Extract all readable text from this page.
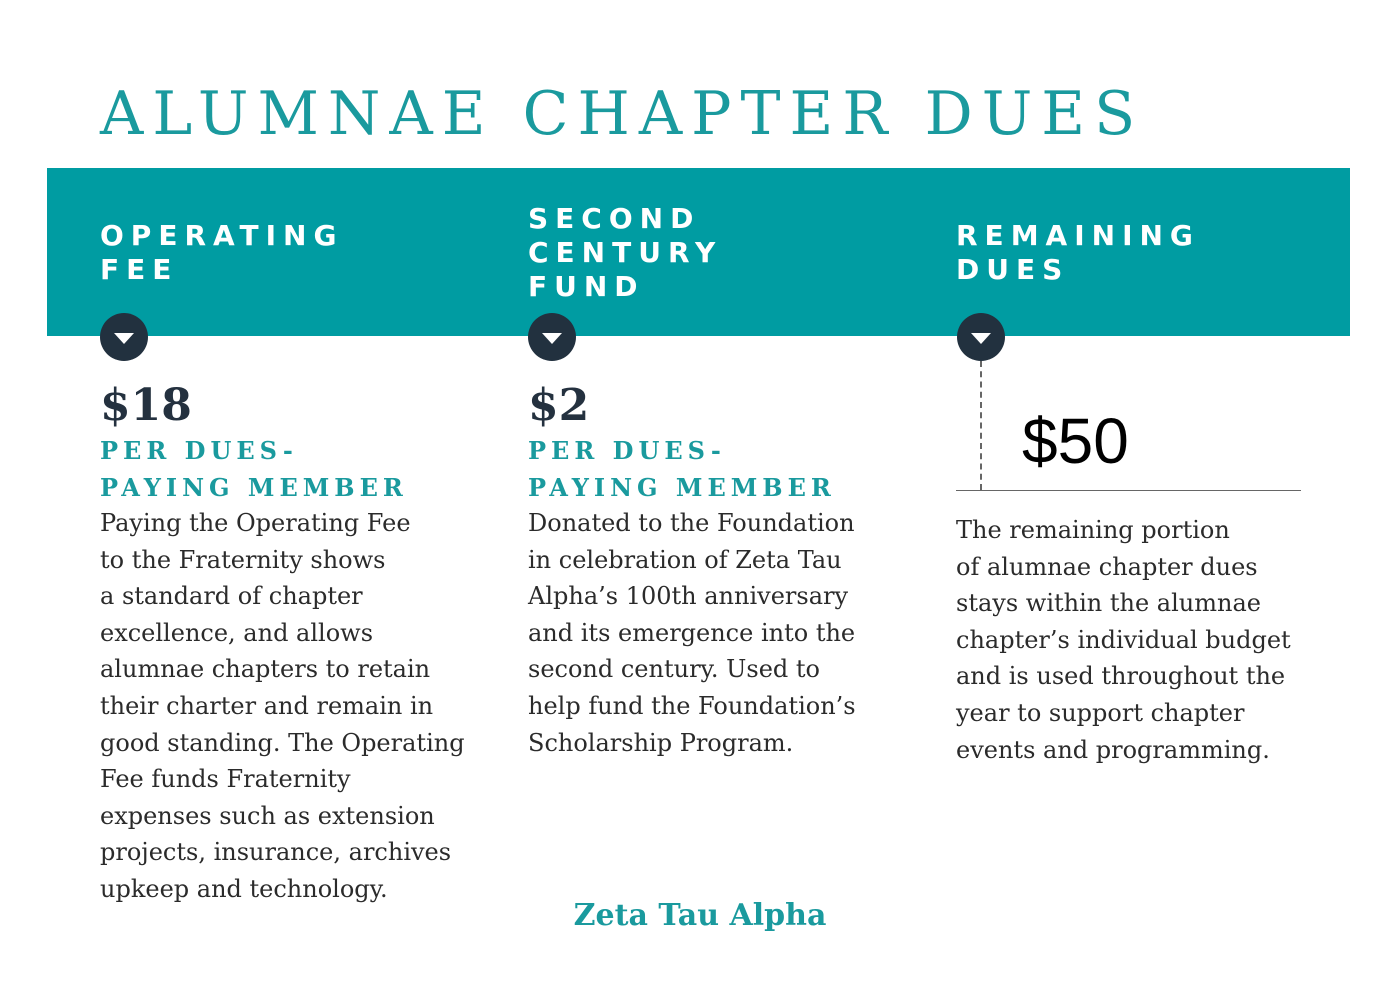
ALUMNAE CHAPTER DUES
OPERATING
FEE
SECOND
CENTURY
FUND
REMAINING
DUES

$18

PER DUES-
PAYING MEMBER

Paying the Operating Fee
to the Fraternity shows
a standard of chapter
excellence, and allows
alumnae chapters to retain
their charter and remain in
good standing. The Operating
Fee funds Fraternity
expenses such as extension
projects, insurance, archives
upkeep and technology.

$2

PER DUES-
PAYING MEMBER

Donated to the Foundation
in celebration of Zeta Tau
Alpha’s 100th anniversary
and its emergence into the
second century. Used to
help fund the Foundation’s
Scholarship Program.

$50

The remaining portion
of alumnae chapter dues
stays within the alumnae
chapter’s individual budget
and is used throughout the
year to support chapter
events and programming.

Zeta Tau Alpha
